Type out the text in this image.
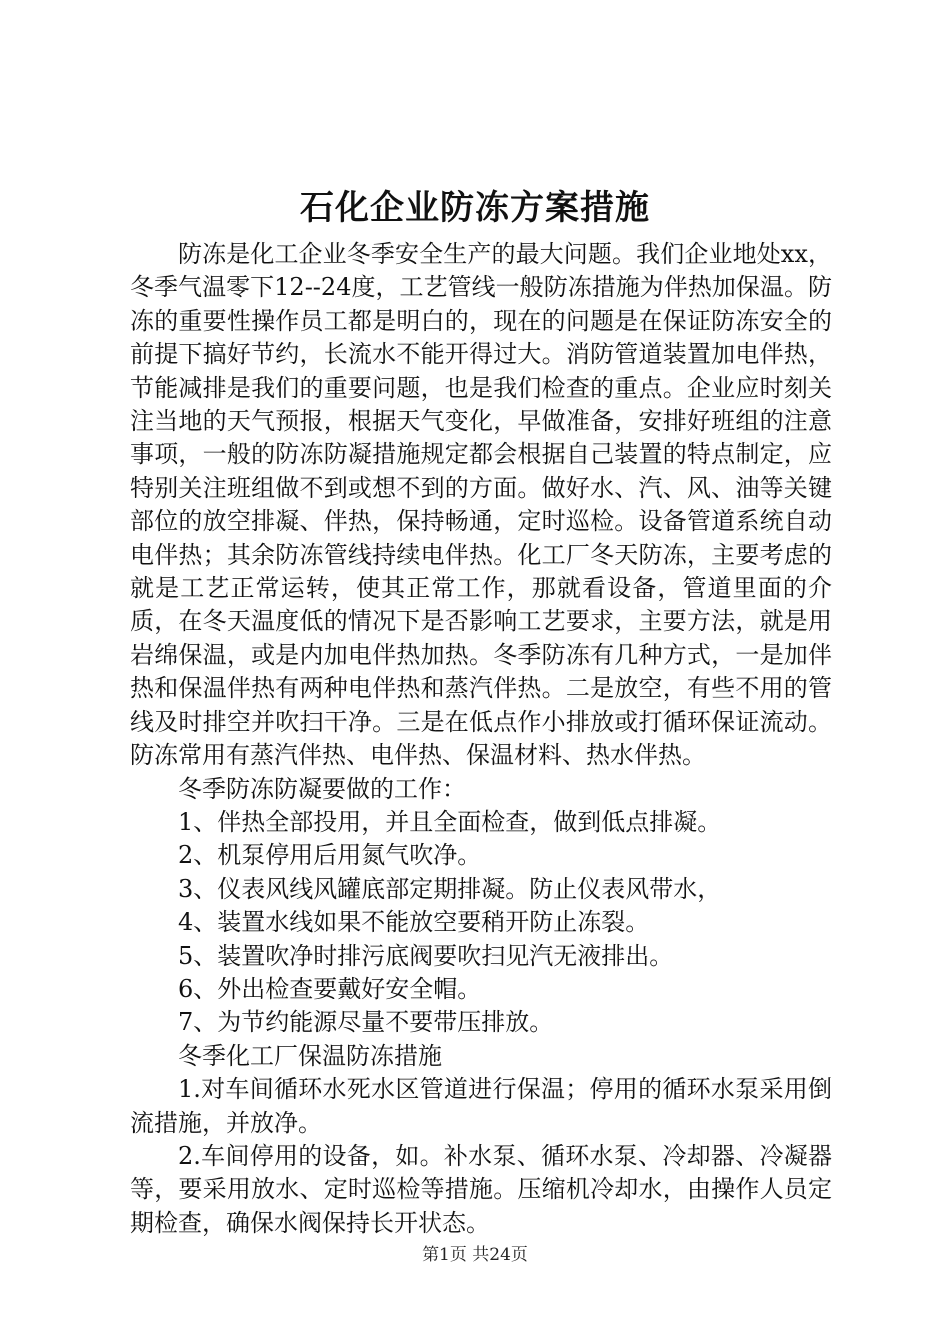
石化企业防冻方案措施

防冻是化工企业冬季安全生产的最大问题。我们企业地处xx，冬季气温零下12--24度，工艺管线一般防冻措施为伴热加保温。防冻的重要性操作员工都是明白的，现在的问题是在保证防冻安全的前提下搞好节约，长流水不能开得过大。消防管道装置加电伴热，节能减排是我们的重要问题，也是我们检查的重点。企业应时刻关注当地的天气预报，根据天气变化，早做准备，安排好班组的注意事项，一般的防冻防凝措施规定都会根据自己装置的特点制定，应特别关注班组做不到或想不到的方面。做好水、汽、风、油等关键部位的放空排凝、伴热，保持畅通，定时巡检。设备管道系统自动电伴热；其余防冻管线持续电伴热。化工厂冬天防冻，主要考虑的就是工艺正常运转，使其正常工作，那就看设备，管道里面的介质，在冬天温度低的情况下是否影响工艺要求，主要方法，就是用岩绵保温，或是内加电伴热加热。冬季防冻有几种方式，一是加伴热和保温伴热有两种电伴热和蒸汽伴热。二是放空，有些不用的管线及时排空并吹扫干净。三是在低点作小排放或打循环保证流动。防冻常用有蒸汽伴热、电伴热、保温材料、热水伴热。

冬季防冻防凝要做的工作：

1、伴热全部投用，并且全面检查，做到低点排凝。

2、机泵停用后用氮气吹净。

3、仪表风线风罐底部定期排凝。防止仪表风带水，

4、装置水线如果不能放空要稍开防止冻裂。

5、装置吹净时排污底阀要吹扫见汽无液排出。

6、外出检查要戴好安全帽。

7、为节约能源尽量不要带压排放。

冬季化工厂保温防冻措施

1.对车间循环水死水区管道进行保温；停用的循环水泵采用倒流措施，并放净。

2.车间停用的设备，如。补水泵、循环水泵、冷却器、冷凝器等，要采用放水、定时巡检等措施。压缩机冷却水，由操作人员定期检查，确保水阀保持长开状态。

第1页 共24页
